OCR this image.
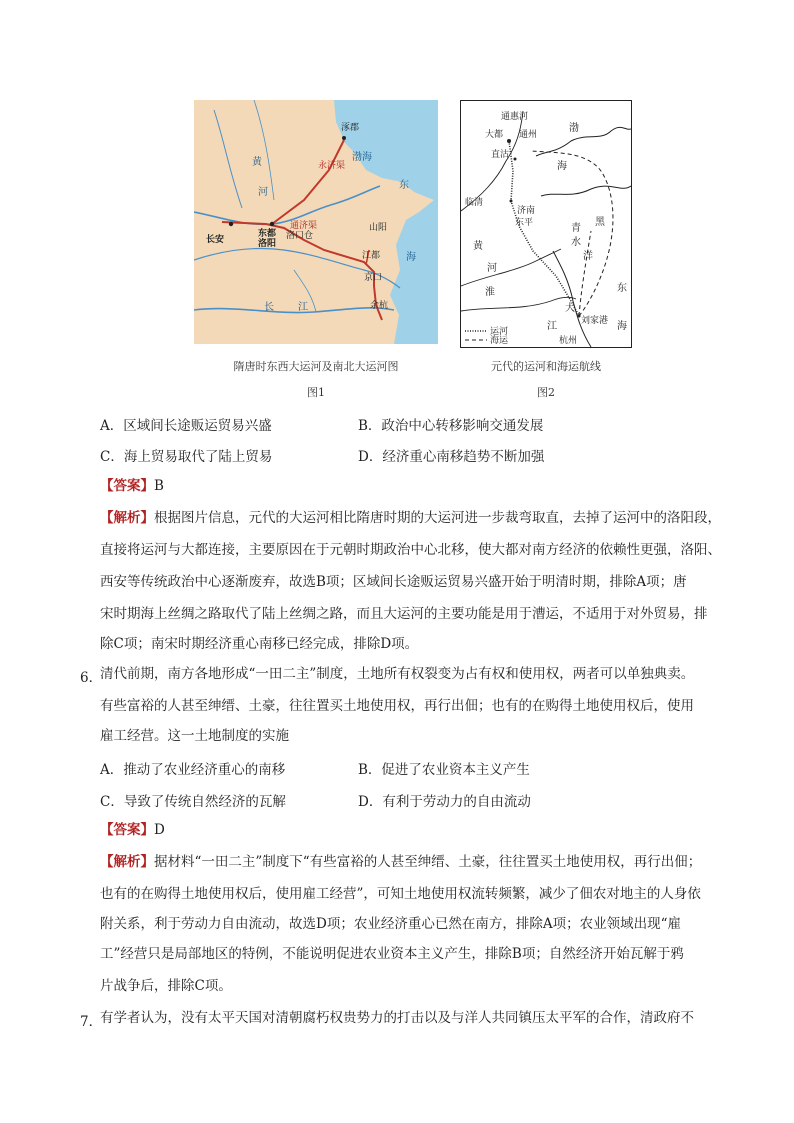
涿郡
永济渠
渤海
黄
河
通济渠
东
海
长安
东都
洛阳
洛口仓
山阳
江都
京口
余杭
长 江
隋唐时东西大运河及南北大运河图
图1
通惠河
大都 通州
直沽
渤
海
临清
济南
东平
黄
河
青
水
洋
黑
淮
大
东
海
江
杭州
刘家港
运河
海运
元代的运河和海运航线
图2
A．区域间长途贩运贸易兴盛	B．政治中心转移影响交通发展
C．海上贸易取代了陆上贸易	D．经济重心南移趋势不断加强
【答案】B
【解析】根据图片信息，元代的大运河相比隋唐时期的大运河进一步裁弯取直，去掉了运河中的洛阳段，
直接将运河与大都连接，主要原因在于元朝时期政治中心北移，使大都对南方经济的依赖性更强，洛阳、
西安等传统政治中心逐渐废弃，故选B项；区域间长途贩运贸易兴盛开始于明清时期，排除A项；唐
宋时期海上丝绸之路取代了陆上丝绸之路，而且大运河的主要功能是用于漕运，不适用于对外贸易，排
除C项；南宋时期经济重心南移已经完成，排除D项。
6．
清代前期，南方各地形成“一田二主”制度，土地所有权裂变为占有权和使用权，两者可以单独典卖。
有些富裕的人甚至绅缙、土豪，往往置买土地使用权，再行出佃；也有的在购得土地使用权后，使用
雇工经营。这一土地制度的实施
A．推动了农业经济重心的南移	B．促进了农业资本主义产生
C．导致了传统自然经济的瓦解	D．有利于劳动力的自由流动
【答案】D
【解析】据材料“一田二主”制度下“有些富裕的人甚至绅缙、土豪，往往置买土地使用权，再行出佃；
也有的在购得土地使用权后，使用雇工经营”，可知土地使用权流转频繁，减少了佃农对地主的人身依
附关系，利于劳动力自由流动，故选D项；农业经济重心已然在南方，排除A项；农业领域出现“雇
工”经营只是局部地区的特例，不能说明促进农业资本主义产生，排除B项；自然经济开始瓦解于鸦
片战争后，排除C项。
7．
有学者认为，没有太平天国对清朝腐朽权贵势力的打击以及与洋人共同镇压太平军的合作，清政府不
